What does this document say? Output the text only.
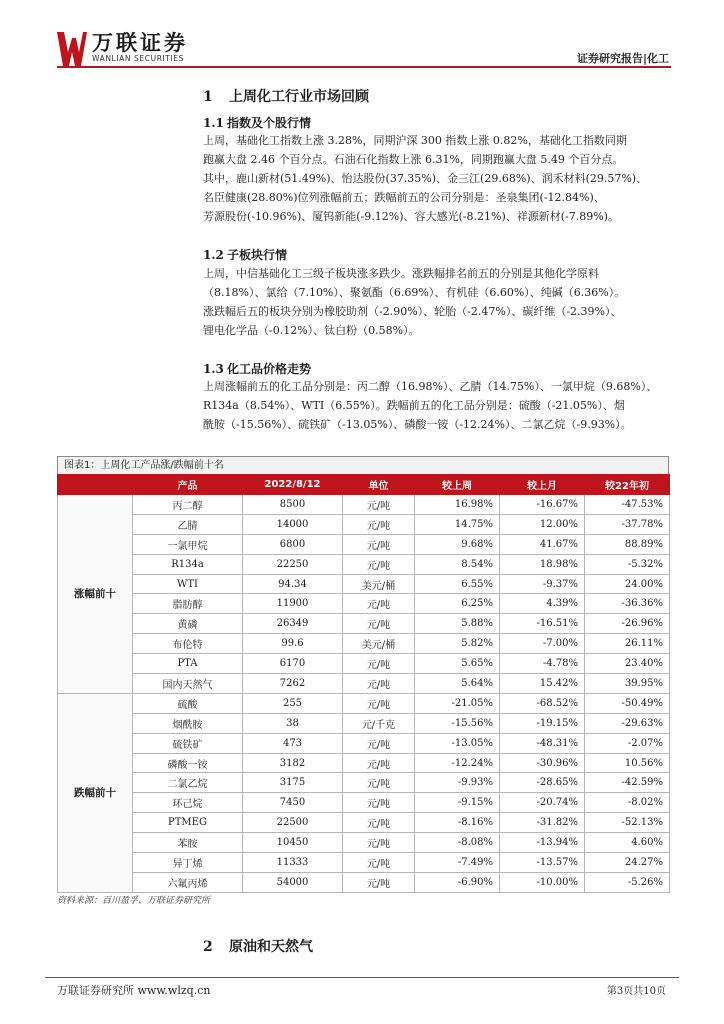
万联证券
WANLIAN SECURITIES	证券研究报告|化工
1 上周化工行业市场回顾
1.1 指数及个股行情
上周，基础化工指数上涨 3.28%，同期沪深 300 指数上涨 0.82%，基础化工指数同期
跑赢大盘 2.46 个百分点。石油石化指数上涨 6.31%，同期跑赢大盘 5.49 个百分点。
其中，鹿山新材(51.49%)、怡达股份(37.35%)、金三江(29.68%)、润禾材料(29.57%)、
名臣健康(28.80%)位列涨幅前五；跌幅前五的公司分别是：圣泉集团(-12.84%)、
芳源股份(-10.96%)、厦钨新能(-9.12%)、容大感光(-8.21%)、祥源新材(-7.89%)。
1.2 子板块行情
上周，中信基础化工三级子板块涨多跌少。涨跌幅排名前五的分别是其他化学原料
（8.18%）、氯给（7.10%）、聚氨酯（6.69%）、有机硅（6.60%）、纯碱（6.36%）。
涨跌幅后五的板块分别为橡胶助剂（-2.90%）、轮胎（-2.47%）、碳纤维（-2.39%）、
锂电化学品（-0.12%）、钛白粉（0.58%）。
1.3 化工品价格走势
上周涨幅前五的化工品分别是：丙二醇（16.98%）、乙腈（14.75%）、一氯甲烷（9.68%）、
R134a（8.54%）、WTI（6.55%）。跌幅前五的化工品分别是：硫酸（-21.05%）、烟
酰胺（-15.56%）、硫铁矿（-13.05%）、磷酸一铵（-12.24%）、二氯乙烷（-9.93%）。
2 原油和天然气
图表1：上周化工产品涨/跌幅前十名
	产品	2022/8/12	单位	较上周	较上月	较22年初
涨幅前十	丙二醇	8500	元/吨	16.98%	-16.67%	-47.53%
	乙腈	14000	元/吨	14.75%	12.00%	-37.78%
	一氯甲烷	6800	元/吨	9.68%	41.67%	88.89%
	R134a	22250	元/吨	8.54%	18.98%	-5.32%
	WTI	94.34	美元/桶	6.55%	-9.37%	24.00%
	脂肪醇	11900	元/吨	6.25%	4.39%	-36.36%
	黄磷	26349	元/吨	5.88%	-16.51%	-26.96%
	布伦特	99.6	美元/桶	5.82%	-7.00%	26.11%
	PTA	6170	元/吨	5.65%	-4.78%	23.40%
	国内天然气	7262	元/吨	5.64%	15.42%	39.95%
跌幅前十	硫酸	255	元/吨	-21.05%	-68.52%	-50.49%
	烟酰胺	38	元/千克	-15.56%	-19.15%	-29.63%
	硫铁矿	473	元/吨	-13.05%	-48.31%	-2.07%
	磷酸一铵	3182	元/吨	-12.24%	-30.96%	10.56%
	二氯乙烷	3175	元/吨	-9.93%	-28.65%	-42.59%
	环己烷	7450	元/吨	-9.15%	-20.74%	-8.02%
	PTMEG	22500	元/吨	-8.16%	-31.82%	-52.13%
	苯胺	10450	元/吨	-8.08%	-13.94%	4.60%
	异丁烯	11333	元/吨	-7.49%	-13.57%	24.27%
	六氟丙烯	54000	元/吨	-6.90%	-10.00%	-5.26%
资料来源：百川盈孚、万联证券研究所
万联证券研究所 www.wlzq.cn	第3页共10页
